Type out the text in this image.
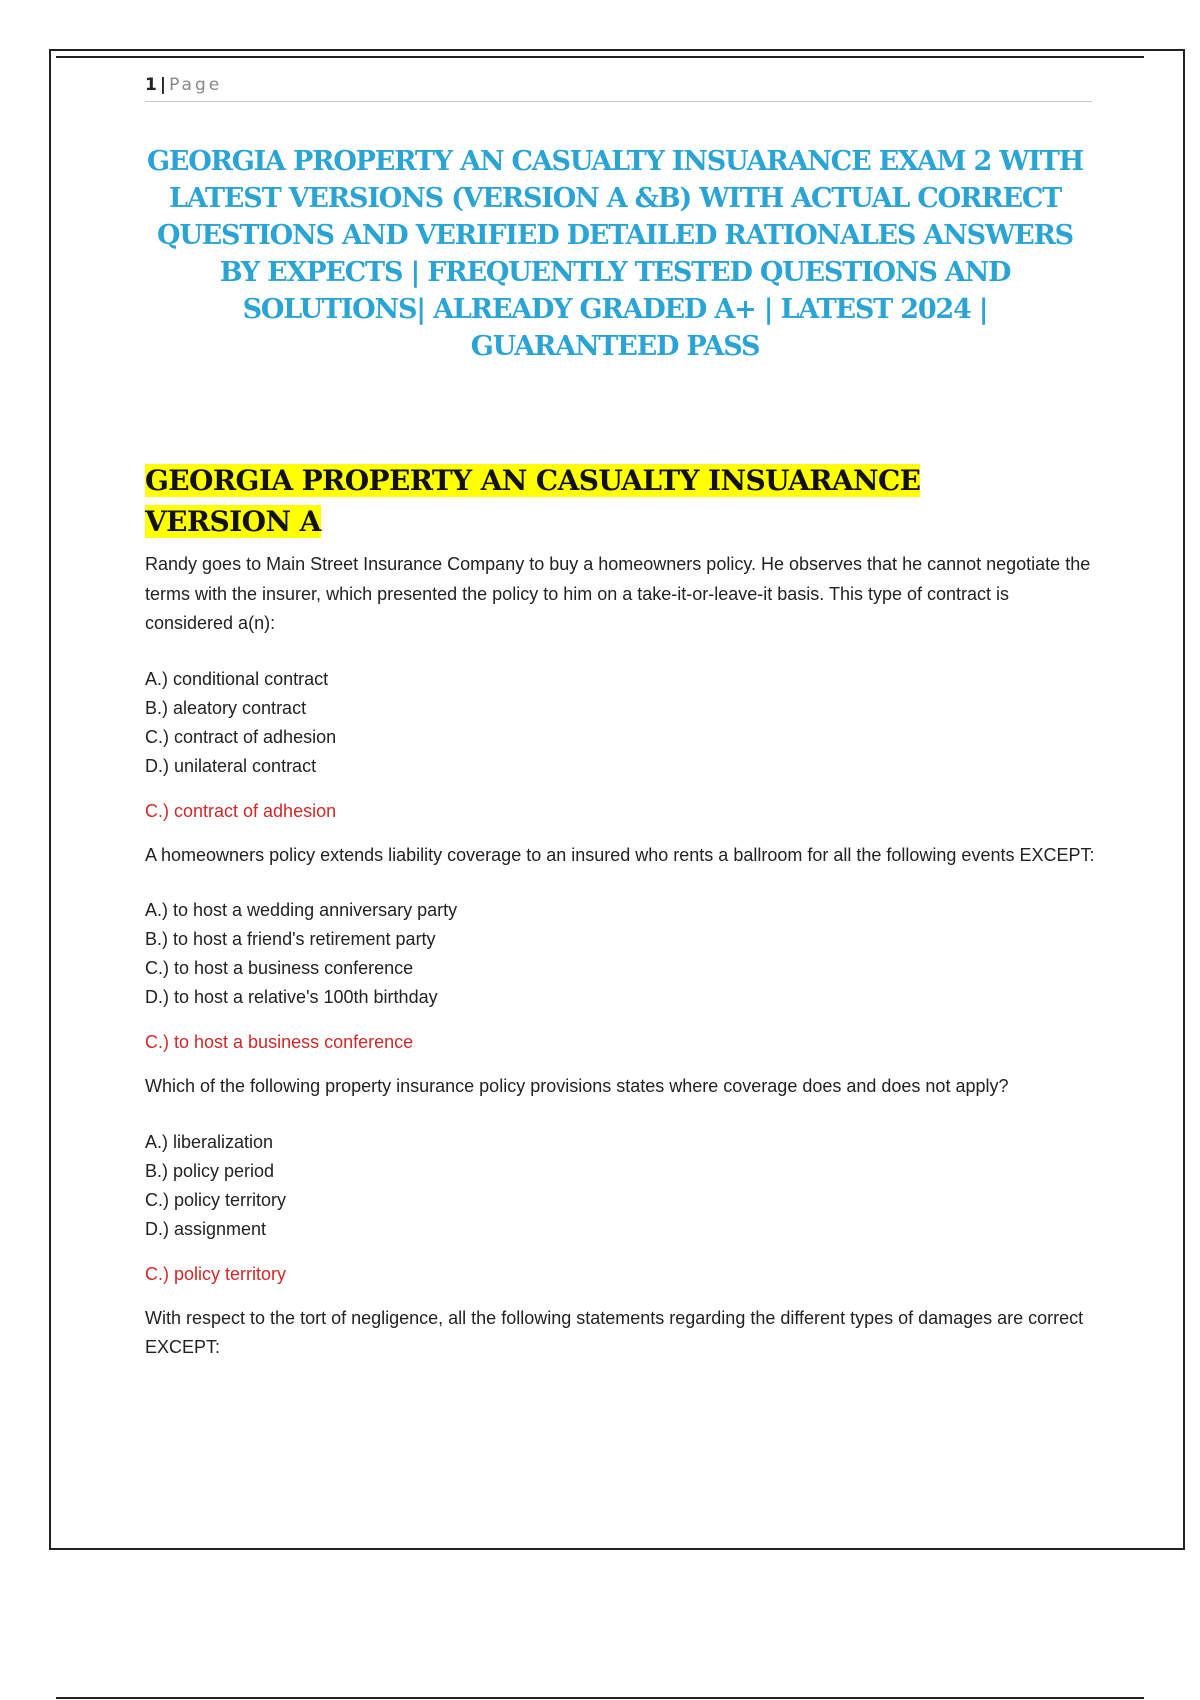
1 | Page
GEORGIA PROPERTY AN CASUALTY INSUARANCE EXAM 2 WITH LATEST VERSIONS (VERSION A &B) WITH ACTUAL CORRECT QUESTIONS AND VERIFIED DETAILED RATIONALES ANSWERS BY EXPECTS | FREQUENTLY TESTED QUESTIONS AND SOLUTIONS| ALREADY GRADED A+ | LATEST 2024 | GUARANTEED PASS
GEORGIA PROPERTY AN CASUALTY INSUARANCE
VERSION A

Randy goes to Main Street Insurance Company to buy a homeowners policy. He observes that he cannot negotiate the terms with the insurer, which presented the policy to him on a take-it-or-leave-it basis. This type of contract is considered a(n):

A.) conditional contract
B.) aleatory contract
C.) contract of adhesion
D.) unilateral contract

C.) contract of adhesion

A homeowners policy extends liability coverage to an insured who rents a ballroom for all the following events EXCEPT:

A.) to host a wedding anniversary party
B.) to host a friend's retirement party
C.) to host a business conference
D.) to host a relative's 100th birthday

C.) to host a business conference

Which of the following property insurance policy provisions states where coverage does and does not apply?

A.) liberalization
B.) policy period
C.) policy territory
D.) assignment

C.) policy territory

With respect to the tort of negligence, all the following statements regarding the different types of damages are correct EXCEPT:
